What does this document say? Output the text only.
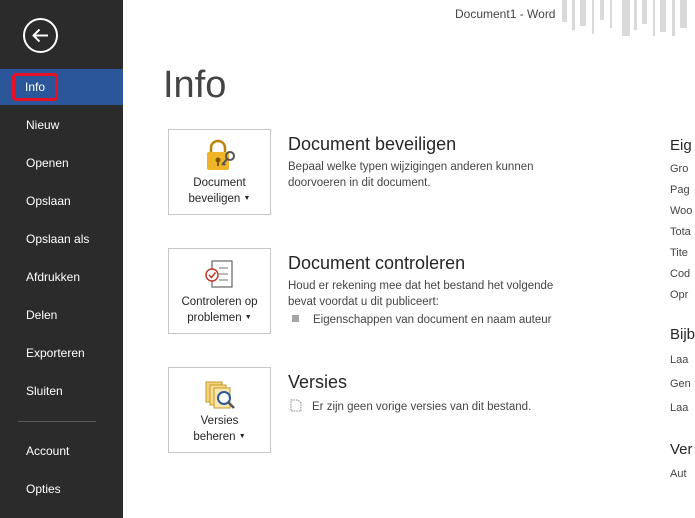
Info
Nieuw
Openen
Opslaan
Opslaan als
Afdrukken
Delen
Exporteren
Sluiten
Account
Opties
Document1 - Word
Info
Document
beveiligen ▼
Document beveiligen
Bepaal welke typen wijzigingen anderen kunnen doorvoeren in dit document.
Controleren op
problemen ▼
Document controleren
Houd er rekening mee dat het bestand het volgende bevat voordat u dit publiceert:
Eigenschappen van document en naam auteur
Versies
beheren ▼
Versies
Er zijn geen vorige versies van dit bestand.
Eig
Gro
Pag
Woo
Tota
Tite
Cod
Opr
Bijb
Laa
Gen
Laa
Ver
Aut
